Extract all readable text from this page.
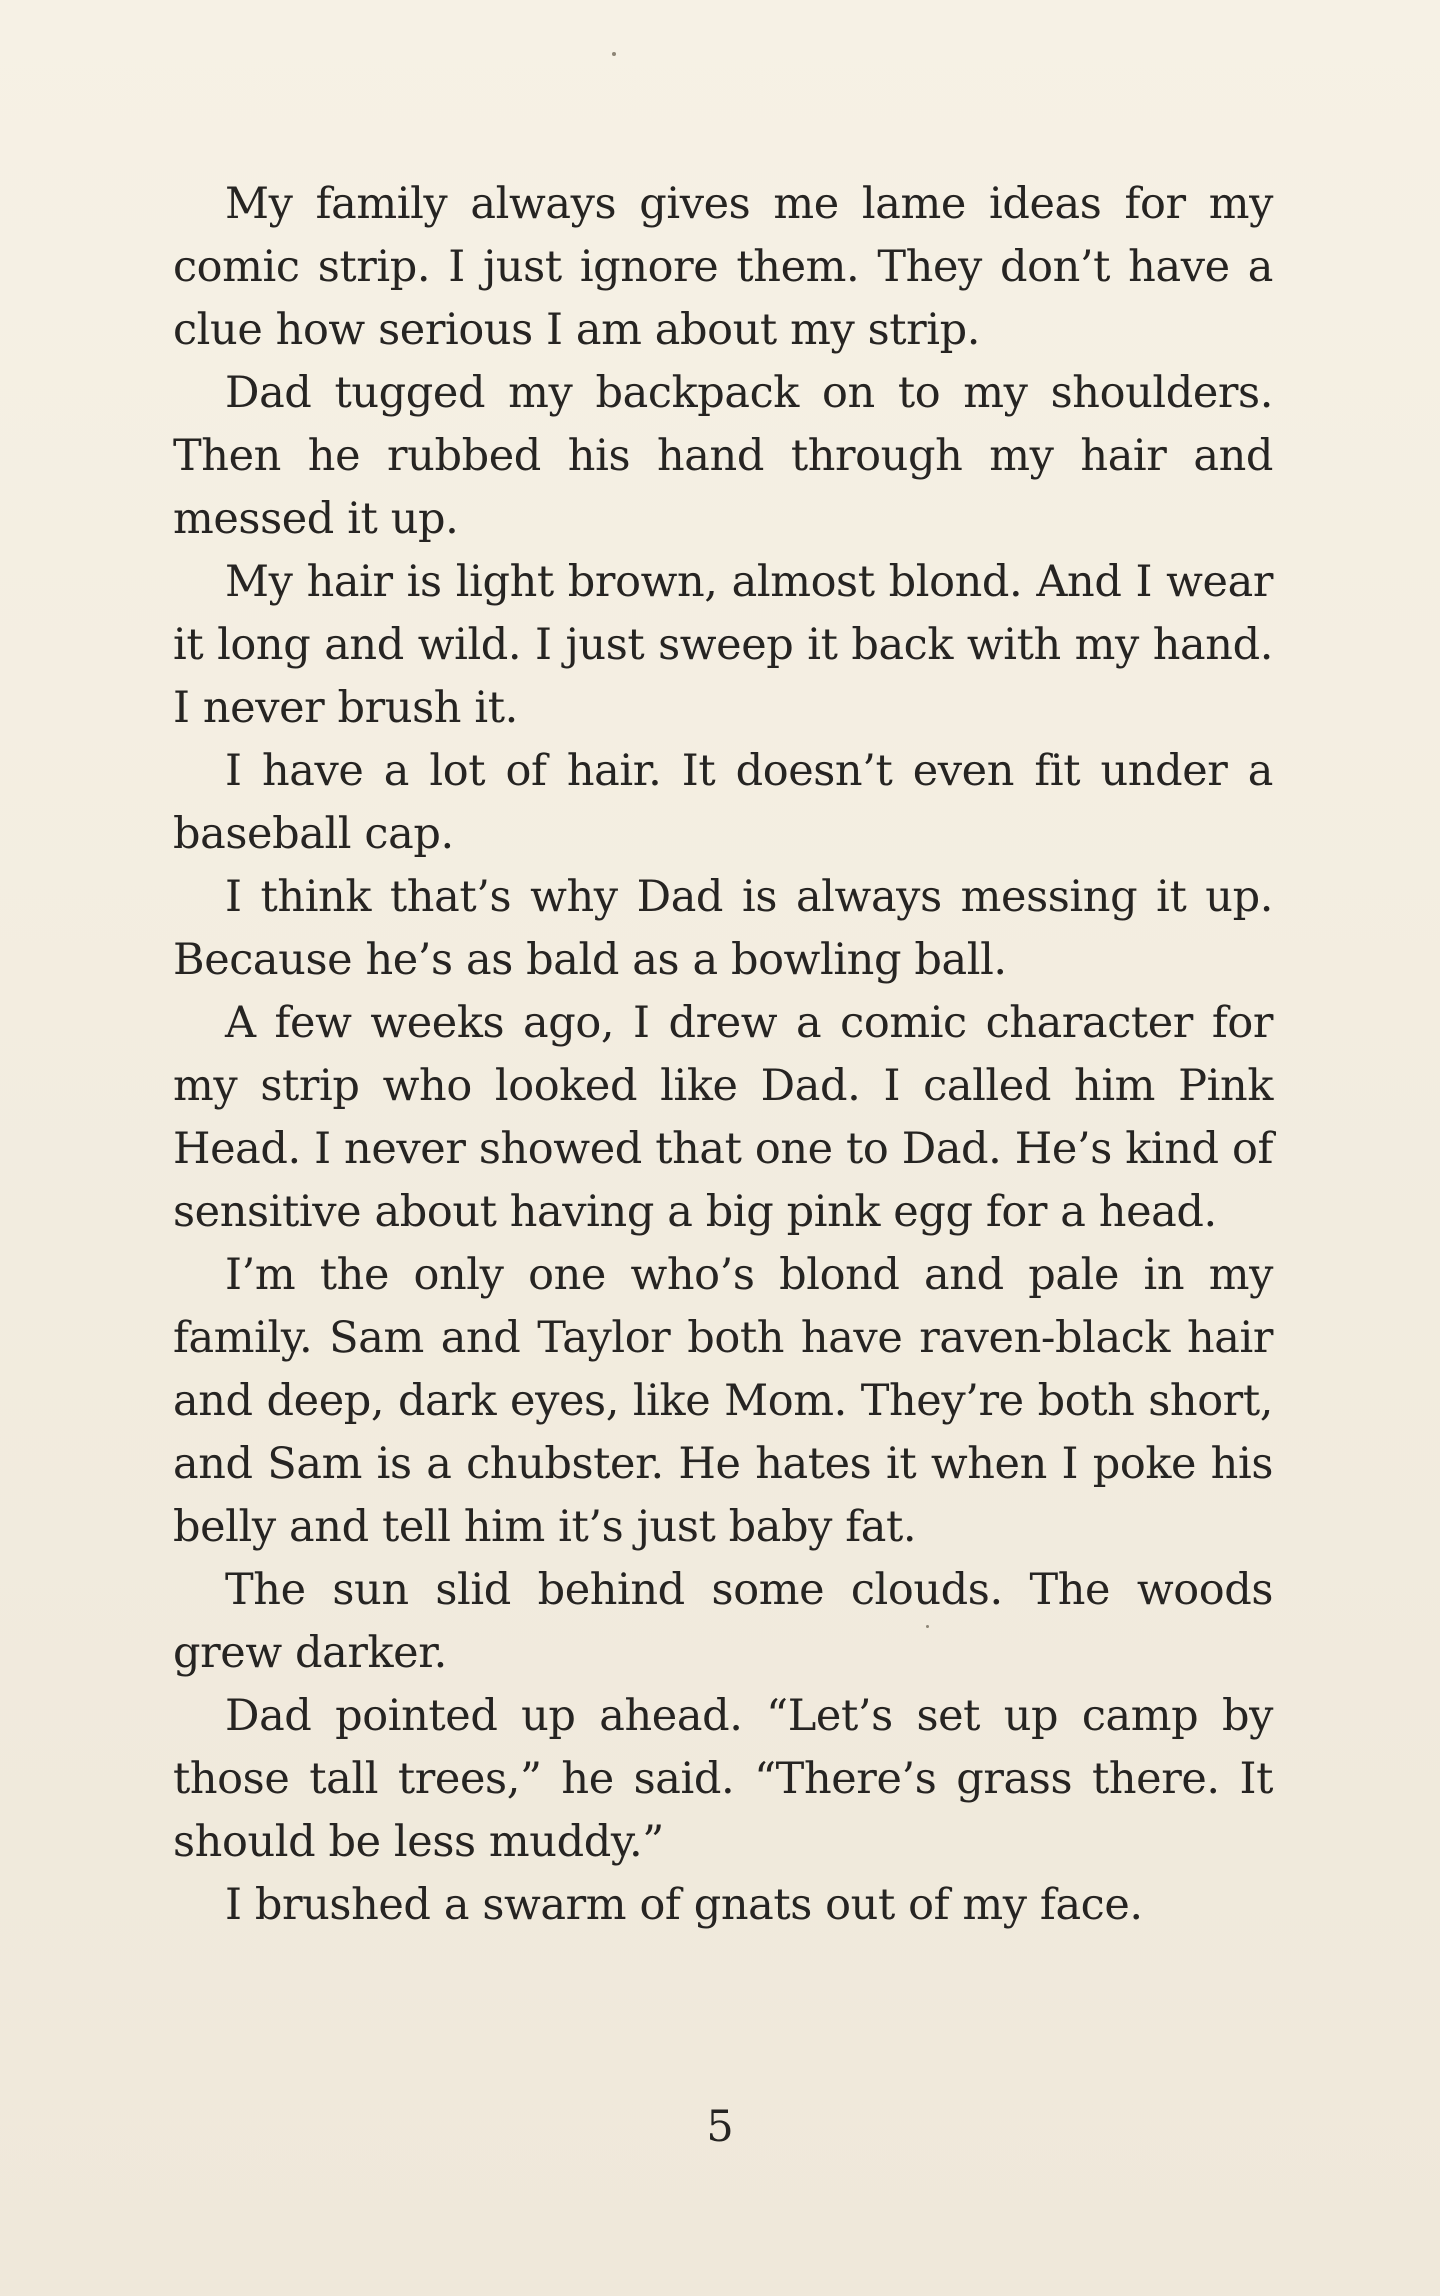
My family always gives me lame ideas for my comic strip. I just ignore them. They don’t have a clue how serious I am about my strip.

Dad tugged my backpack on to my shoulders. Then he rubbed his hand through my hair and messed it up.

My hair is light brown, almost blond. And I wear it long and wild. I just sweep it back with my hand. I never brush it.

I have a lot of hair. It doesn’t even fit under a baseball cap.

I think that’s why Dad is always messing it up. Because he’s as bald as a bowling ball.

A few weeks ago, I drew a comic character for my strip who looked like Dad. I called him Pink Head. I never showed that one to Dad. He’s kind of sensitive about having a big pink egg for a head.

I’m the only one who’s blond and pale in my family. Sam and Taylor both have raven-black hair and deep, dark eyes, like Mom. They’re both short, and Sam is a chubster. He hates it when I poke his belly and tell him it’s just baby fat.

The sun slid behind some clouds. The woods grew darker.

Dad pointed up ahead. “Let’s set up camp by those tall trees,” he said. “There’s grass there. It should be less muddy.”

I brushed a swarm of gnats out of my face.

5
